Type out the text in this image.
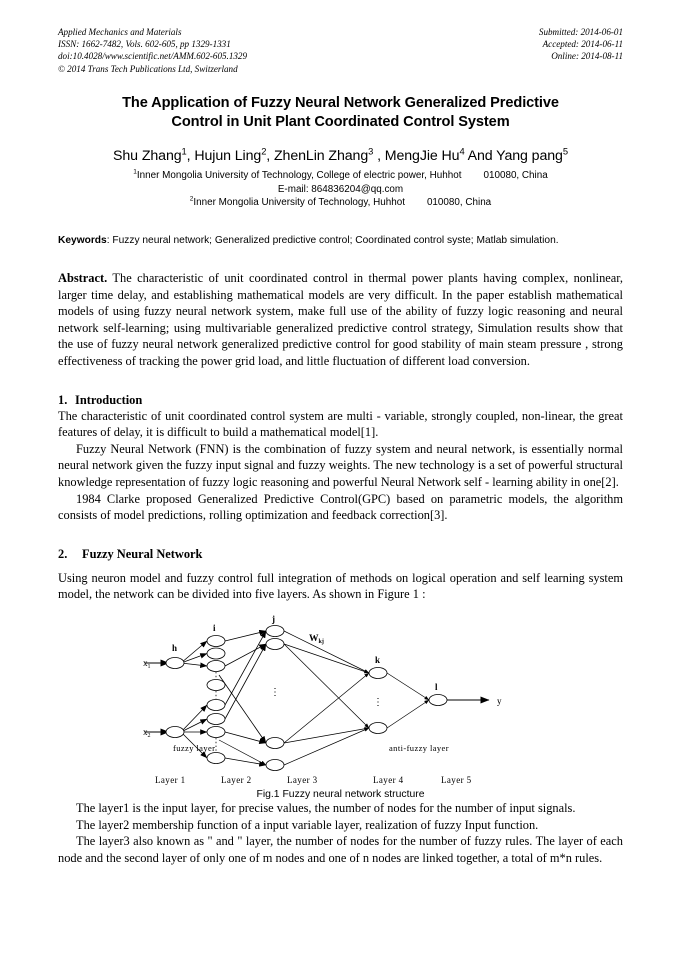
Applied Mechanics and Materials
ISSN: 1662-7482, Vols. 602-605, pp 1329-1331
doi:10.4028/www.scientific.net/AMM.602-605.1329
© 2014 Trans Tech Publications Ltd, Switzerland
Submitted: 2014-06-01
Accepted: 2014-06-11
Online: 2014-08-11
The Application of Fuzzy Neural Network Generalized Predictive
Control in Unit Plant Coordinated Control System
Shu Zhang$^1$, Hujun Ling$^2$, ZhenLin Zhang$^3$ , MengJie Hu$^4$ And Yang pang$^5$
$^1$Inner Mongolia University of Technology, College of electric power, Huhhot 010080, China
E-mail: 864836204@qq.com
$^2$Inner Mongolia University of Technology, Huhhot 010080, China
Keywords: Fuzzy neural network; Generalized predictive control; Coordinated control syste; Matlab simulation.
Abstract. The characteristic of unit coordinated control in thermal power plants having complex, nonlinear, larger time delay, and establishing mathematical models are very difficult. In the paper establish mathematical models of using fuzzy neural network system, make full use of the ability of fuzzy logic reasoning and neural network self-learning; using multivariable generalized predictive control strategy, Simulation results show that the use of fuzzy neural network generalized predictive control for good stability of main steam pressure , strong effectiveness of tracking the power grid load, and little fluctuation of different load conversion.
1. Introduction

The characteristic of unit coordinated control system are multi - variable, strongly coupled, non-linear, the great features of delay, it is difficult to build a mathematical model[1].

Fuzzy Neural Network (FNN) is the combination of fuzzy system and neural network, is essentially normal neural network given the fuzzy input signal and fuzzy weights. The new technology is a set of powerful structural knowledge representation of fuzzy logic reasoning and powerful Neural Network self - learning ability in one[2].

1984 Clarke proposed Generalized Predictive Control(GPC) based on parametric models, the algorithm consists of model predictions, rolling optimization and feedback correction[3].

2. Fuzzy Neural Network

Using neuron model and fuzzy control full integration of methods on logical operation and self learning system model, the network can be divided into five layers. As shown in Figure 1 :

⋮
⋮
$x_1$
$x_2$
h
i
j
k
l
y
$W_{kj}$
fuzzy layer	anti-fuzzy layer
Layer 1	Layer 2	Layer 3	Layer 4	Layer 5
Fig.1 Fuzzy neural network structure

The layer1 is the input layer, for precise values, the number of nodes for the number of input signals.

The layer2 membership function of a input variable layer, realization of fuzzy Input function.

The layer3 also known as " and " layer, the number of nodes for the number of fuzzy rules. The layer of each node and the second layer of only one of m nodes and one of n nodes are linked together, a total of m*n rules.
